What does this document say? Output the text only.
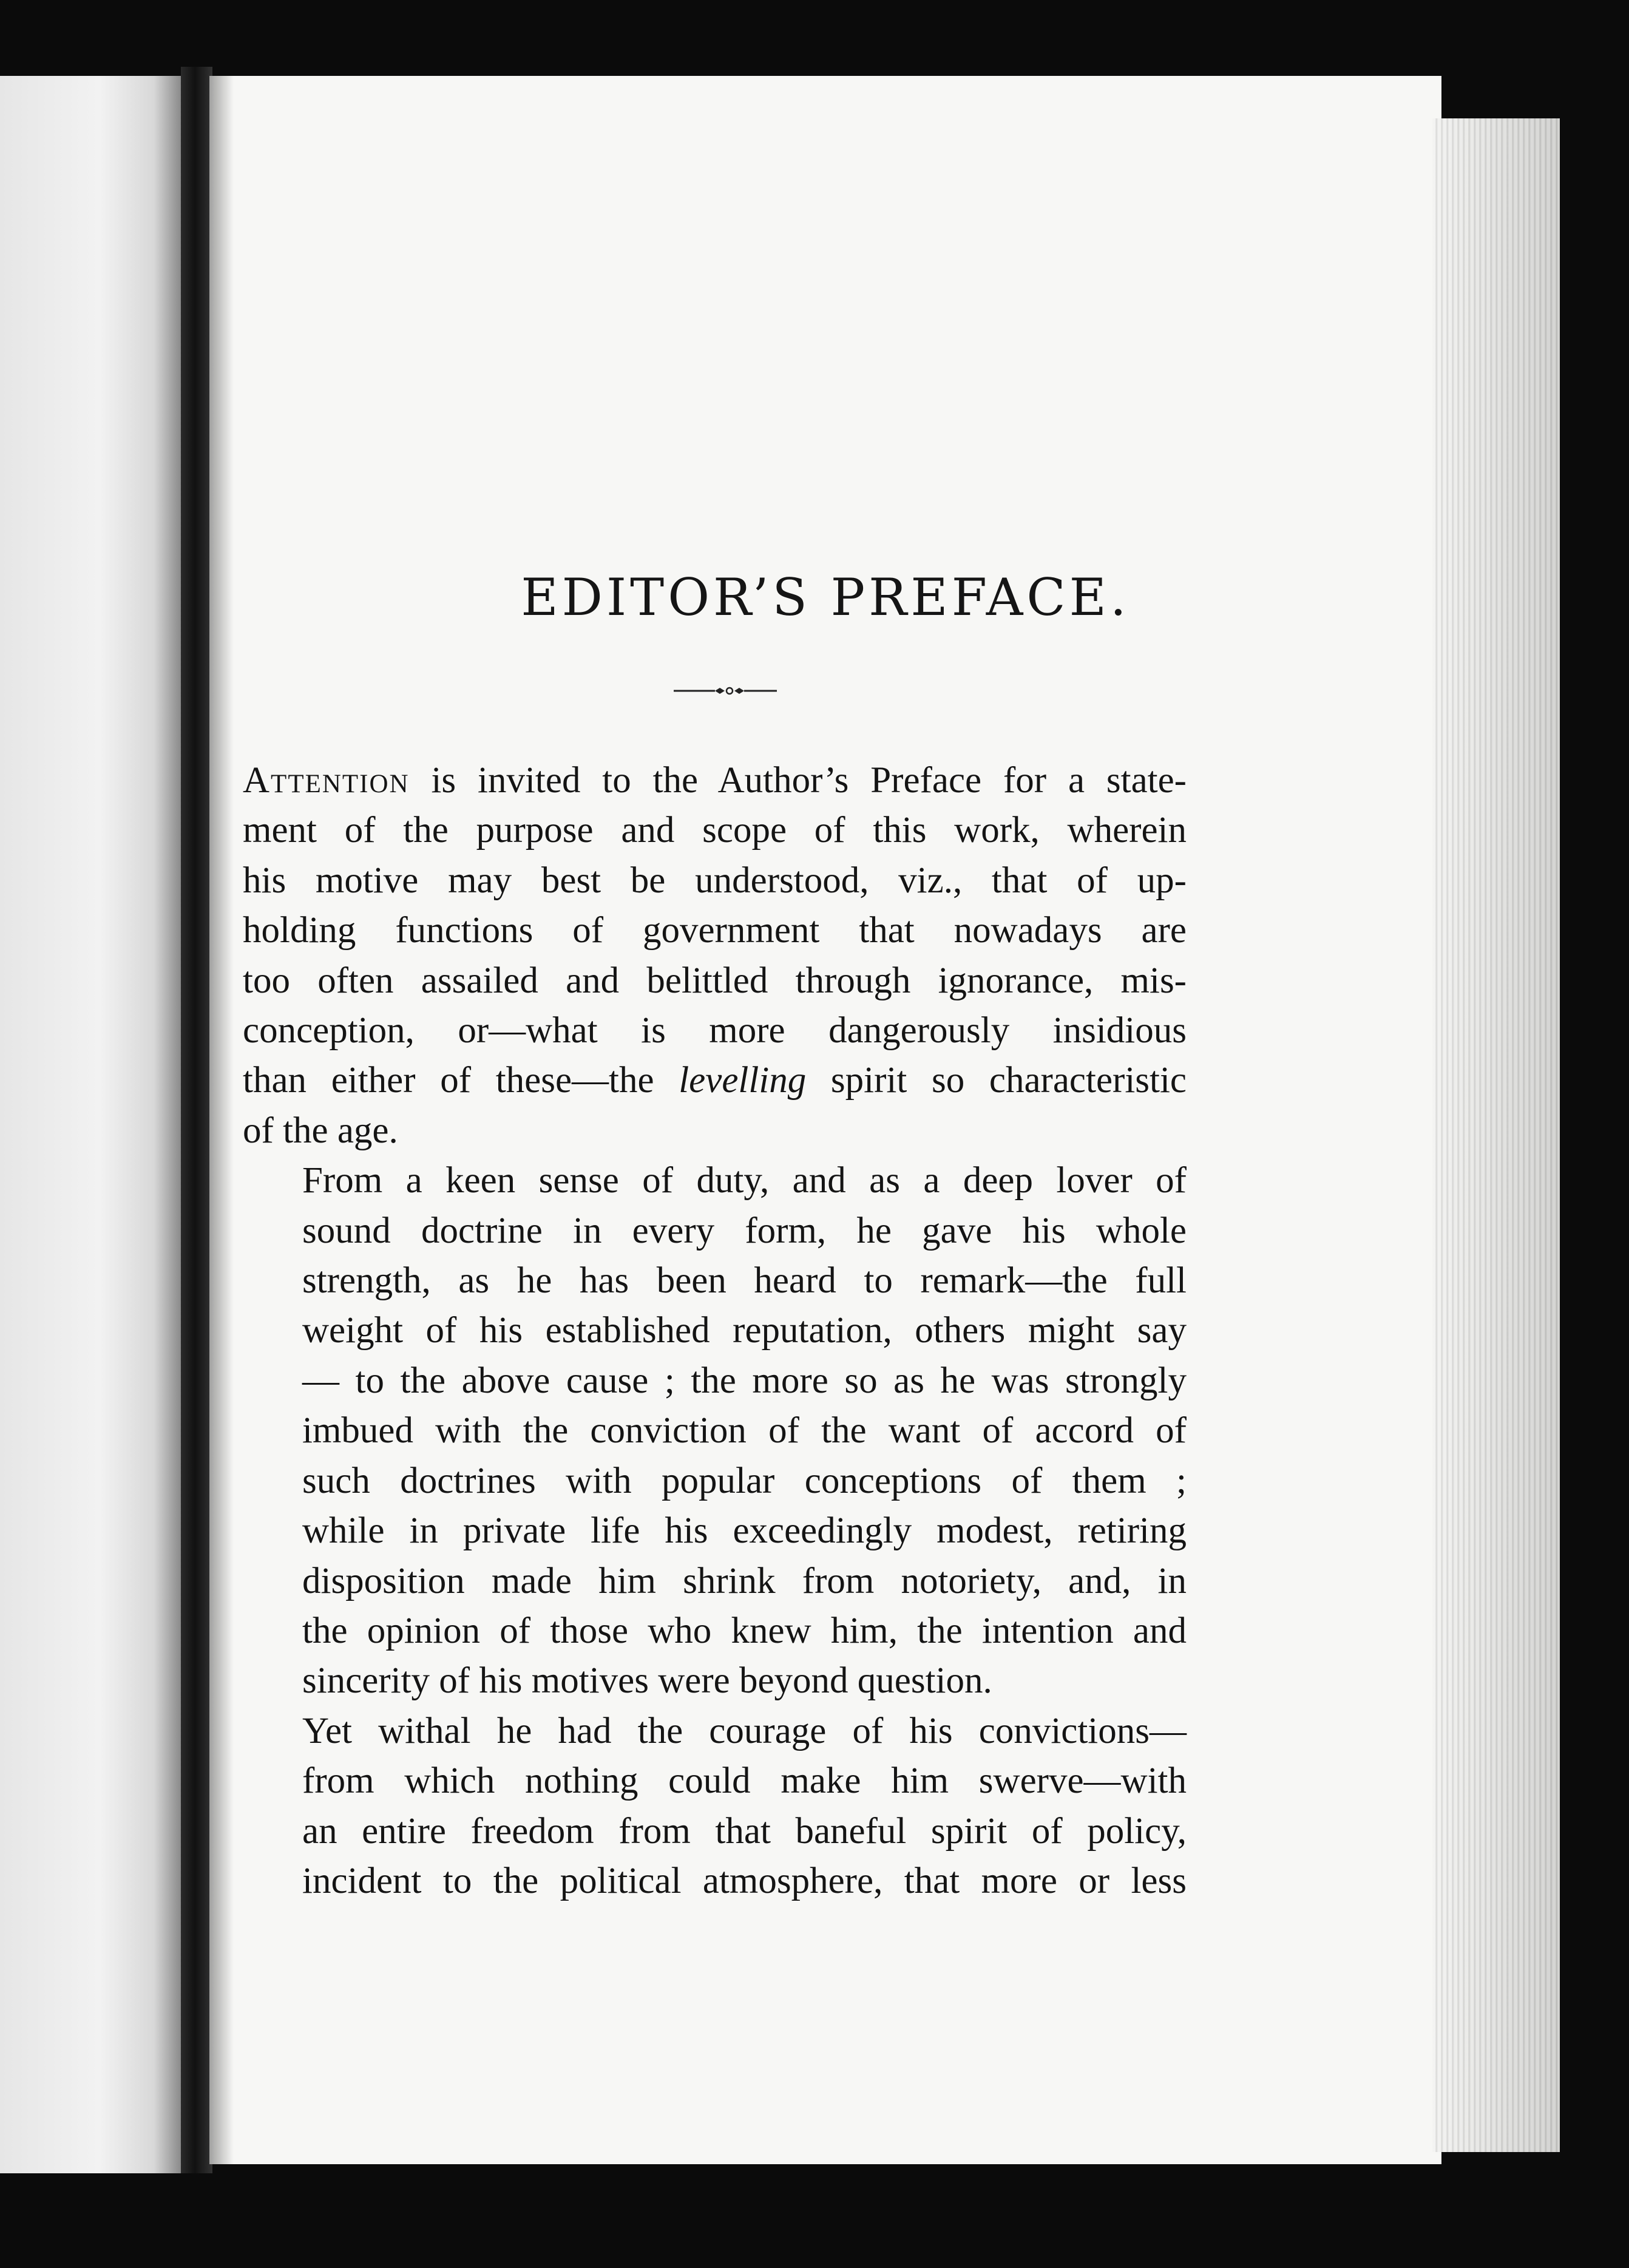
EDITOR’S PREFACE.

Attention is invited to the Author’s Preface for a state-
ment of the purpose and scope of this work, wherein
his motive may best be understood, viz., that of up-
holding functions of government that nowadays are
too often assailed and belittled through ignorance, mis-
conception, or—what is more dangerously insidious
than either of these—the levelling spirit so characteristic
of the age.

From a keen sense of duty, and as a deep lover of
sound doctrine in every form, he gave his whole
strength, as he has been heard to remark—the full
weight of his established reputation, others might say
— to the above cause ; the more so as he was strongly
imbued with the conviction of the want of accord of
such doctrines with popular conceptions of them ;
while in private life his exceedingly modest, retiring
disposition made him shrink from notoriety, and, in
the opinion of those who knew him, the intention and
sincerity of his motives were beyond question.

Yet withal he had the courage of his convictions—
from which nothing could make him swerve—with
an entire freedom from that baneful spirit of policy,
incident to the political atmosphere, that more or less
